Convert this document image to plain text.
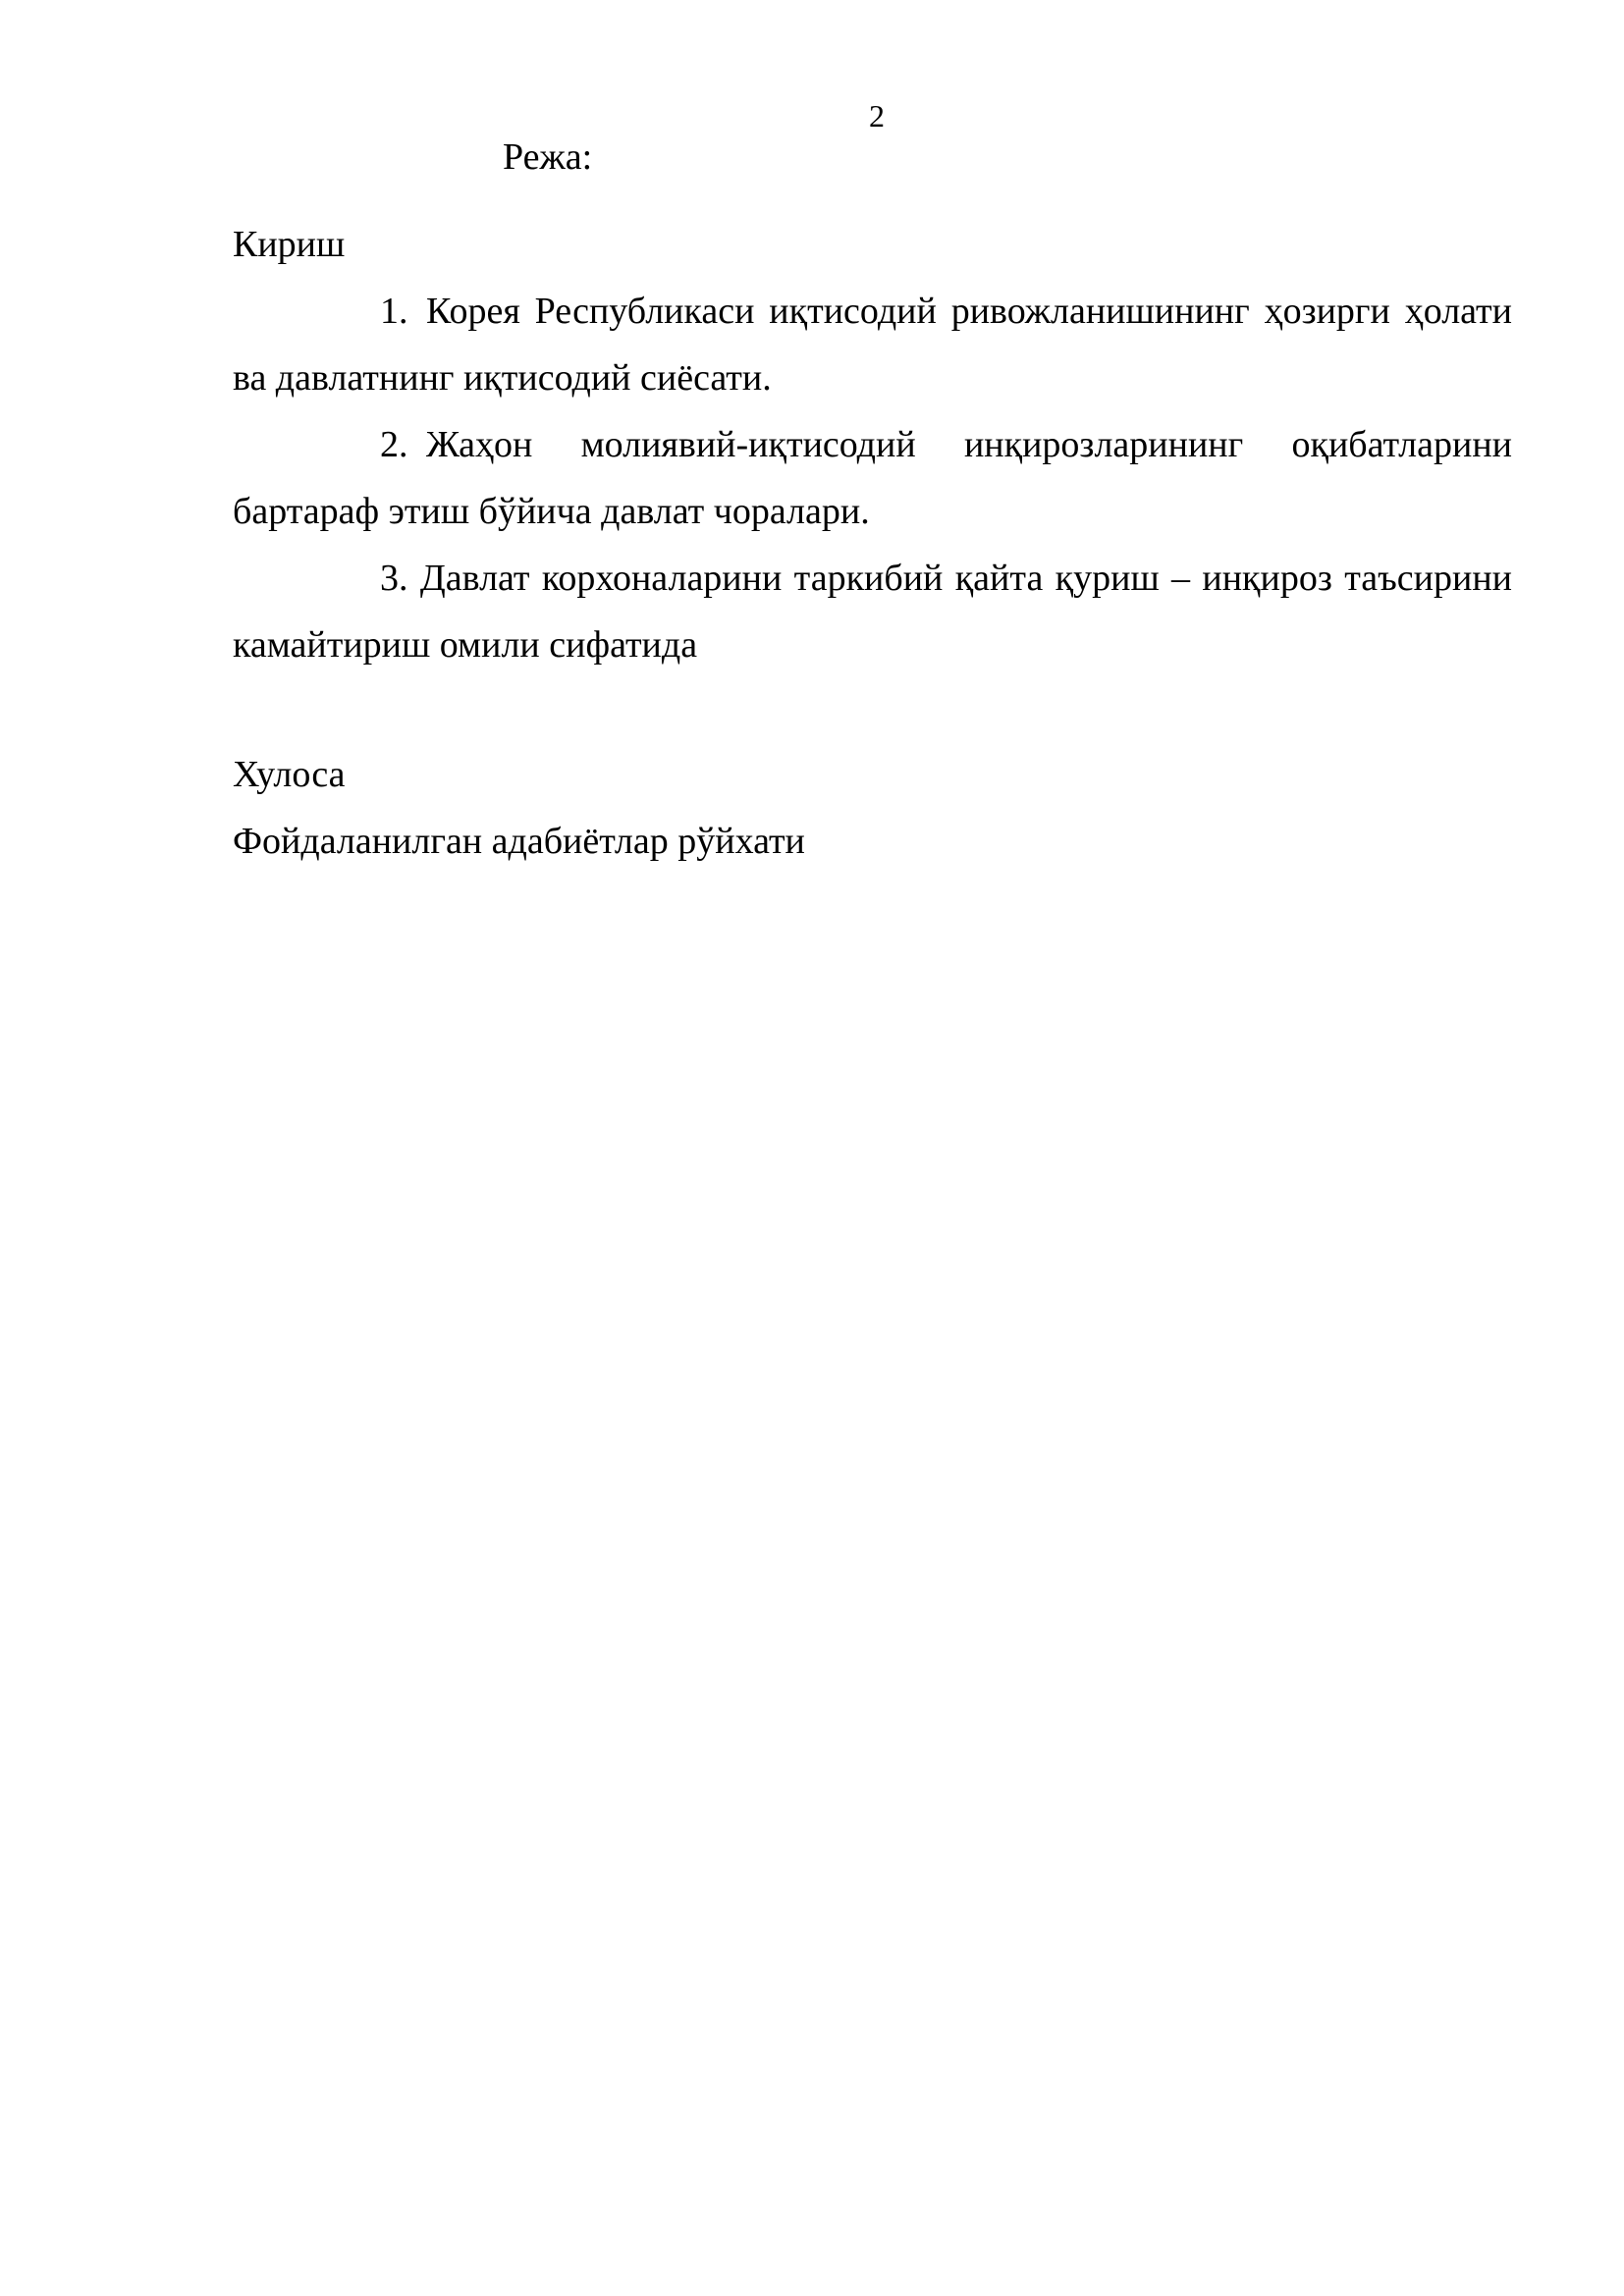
2
Режа:
Кириш

1. Корея Республикаси иқтисодий ривожланишининг ҳозирги ҳолати ва давлатнинг иқтисодий сиёсати.

2. Жаҳон молиявий-иқтисодий инқирозларининг оқибатларини бартараф этиш бўйича давлат чоралари.

3. Давлат корхоналарини таркибий қайта қуриш – инқироз таъсирини камайтириш омили сифатида

Хулоса
Фойдаланилган адабиётлар рўйхати
